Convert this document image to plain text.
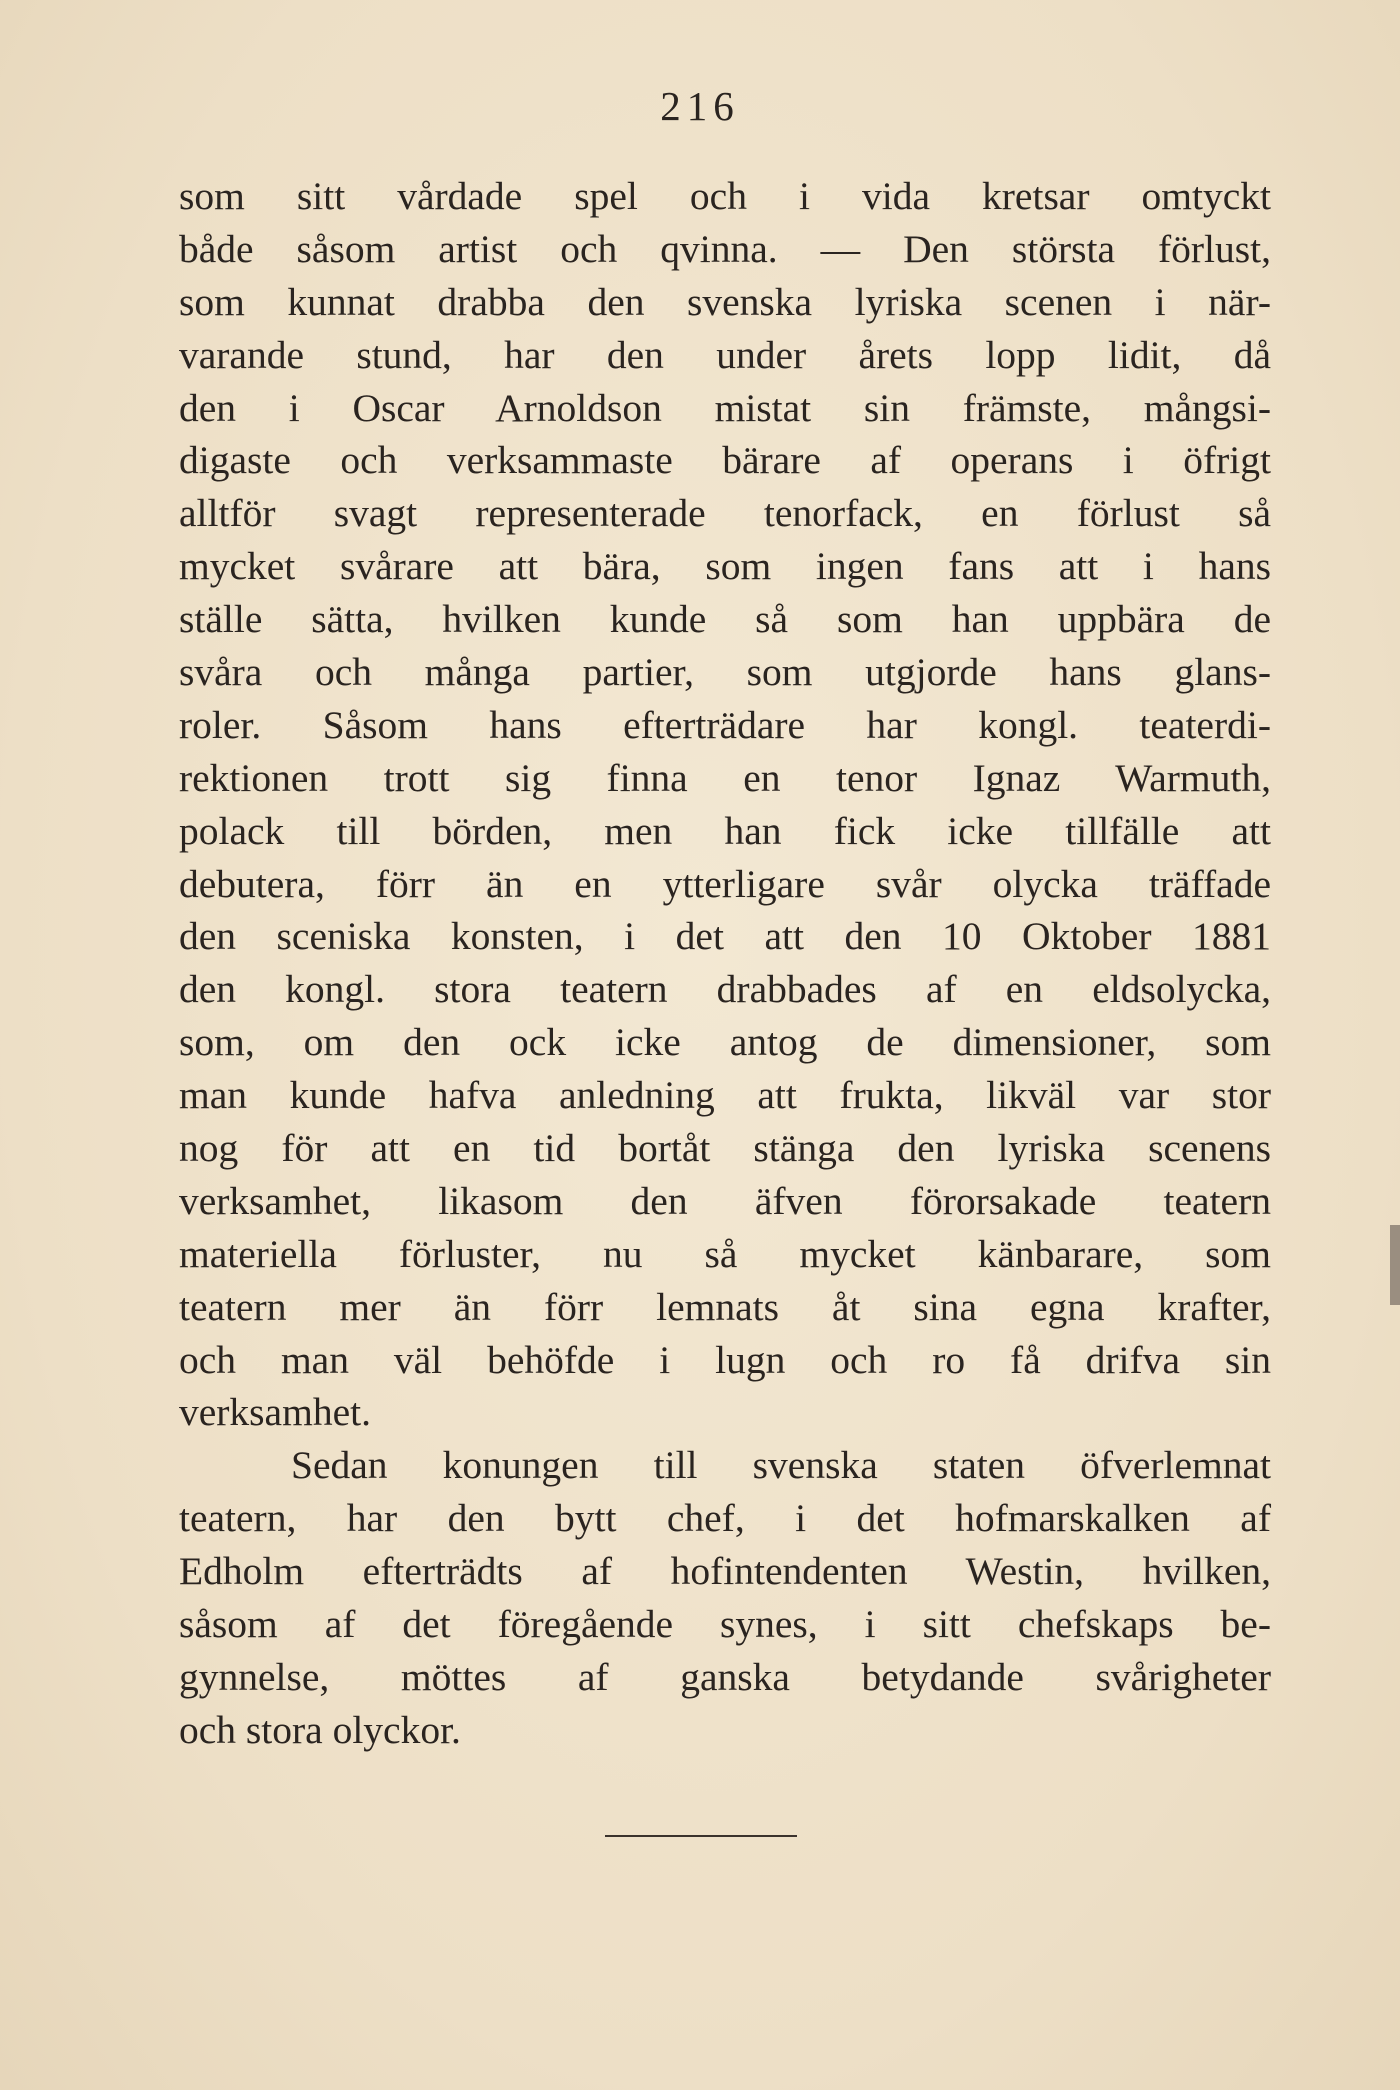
216
som sitt vårdade spel och i vida kretsar omtyckt
både såsom artist och qvinna. — Den största förlust,
som kunnat drabba den svenska lyriska scenen i när-
varande stund, har den under årets lopp lidit, då
den i Oscar Arnoldson mistat sin främste, mångsi-
digaste och verksammaste bärare af operans i öfrigt
alltför svagt representerade tenorfack, en förlust så
mycket svårare att bära, som ingen fans att i hans
ställe sätta, hvilken kunde så som han uppbära de
svåra och många partier, som utgjorde hans glans-
roler. Såsom hans efterträdare har kongl. teaterdi-
rektionen trott sig finna en tenor Ignaz Warmuth,
polack till börden, men han fick icke tillfälle att
debutera, förr än en ytterligare svår olycka träffade
den sceniska konsten, i det att den 10 Oktober 1881
den kongl. stora teatern drabbades af en eldsolycka,
som, om den ock icke antog de dimensioner, som
man kunde hafva anledning att frukta, likväl var stor
nog för att en tid bortåt stänga den lyriska scenens
verksamhet, likasom den äfven förorsakade teatern
materiella förluster, nu så mycket känbarare, som
teatern mer än förr lemnats åt sina egna krafter,
och man väl behöfde i lugn och ro få drifva sin
verksamhet.
Sedan konungen till svenska staten öfverlemnat
teatern, har den bytt chef, i det hofmarskalken af
Edholm efterträdts af hofintendenten Westin, hvilken,
såsom af det föregående synes, i sitt chefskaps be-
gynnelse, möttes af ganska betydande svårigheter
och stora olyckor.
